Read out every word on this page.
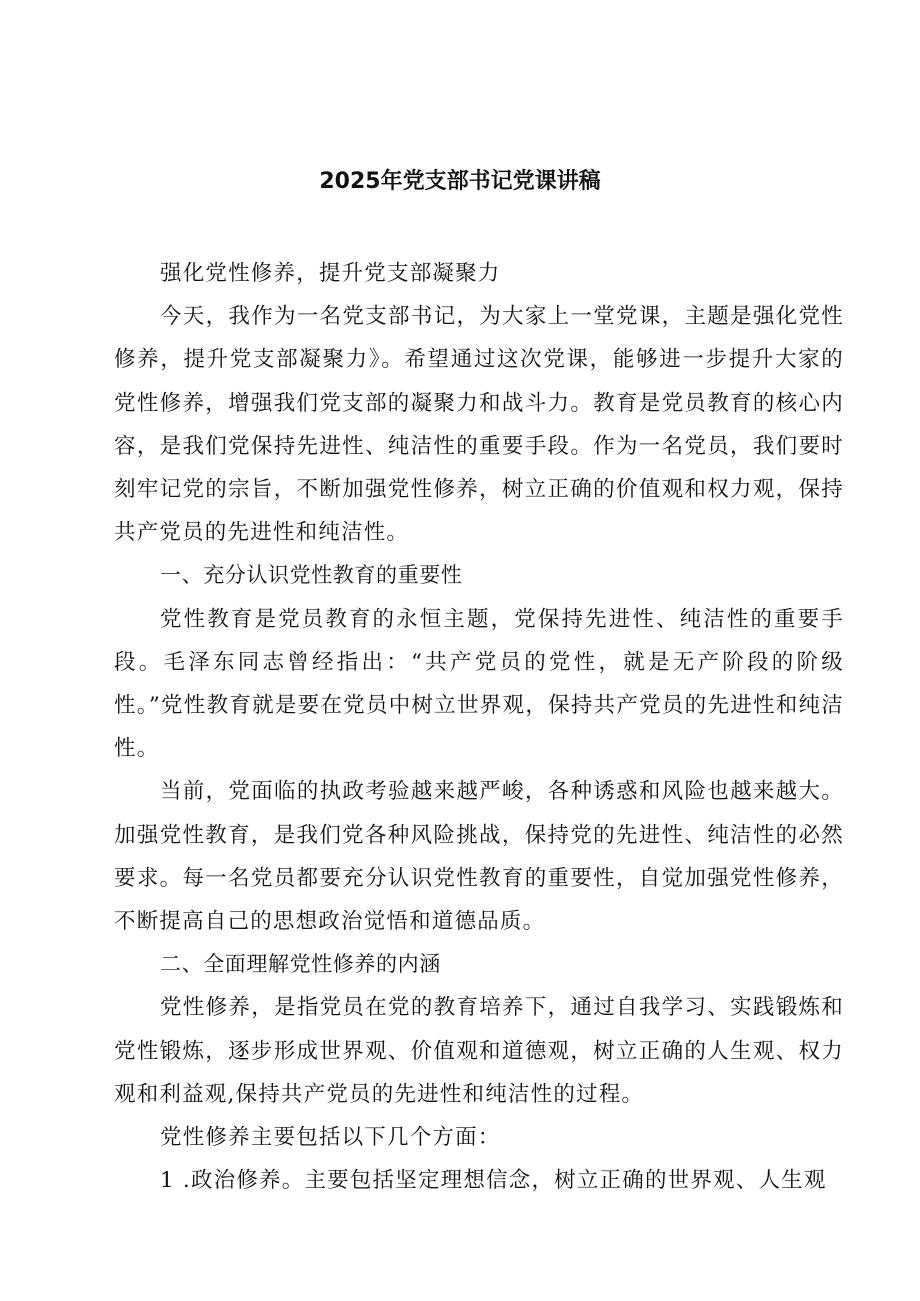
2025年党支部书记党课讲稿

强化党性修养，提升党支部凝聚力

今天，我作为一名党支部书记，为大家上一堂党课，主题是强化党性修养，提升党支部凝聚力》。希望通过这次党课，能够进一步提升大家的党性修养，增强我们党支部的凝聚力和战斗力。教育是党员教育的核心内容，是我们党保持先进性、纯洁性的重要手段。作为一名党员，我们要时刻牢记党的宗旨，不断加强党性修养，树立正确的价值观和权力观，保持共产党员的先进性和纯洁性。

一、充分认识党性教育的重要性

党性教育是党员教育的永恒主题，党保持先进性、纯洁性的重要手段。毛泽东同志曾经指出：“共产党员的党性，就是无产阶段的阶级性。”党性教育就是要在党员中树立世界观，保持共产党员的先进性和纯洁性。

当前，党面临的执政考验越来越严峻，各种诱惑和风险也越来越大。加强党性教育，是我们党各种风险挑战，保持党的先进性、纯洁性的必然要求。每一名党员都要充分认识党性教育的重要性，自觉加强党性修养，不断提高自己的思想政治觉悟和道德品质。

二、全面理解党性修养的内涵

党性修养，是指党员在党的教育培养下，通过自我学习、实践锻炼和党性锻炼，逐步形成世界观、价值观和道德观，树立正确的人生观、权力观和利益观,保持共产党员的先进性和纯洁性的过程。

党性修养主要包括以下几个方面：

1 .政治修养。主要包括坚定理想信念，树立正确的世界观、人生观
